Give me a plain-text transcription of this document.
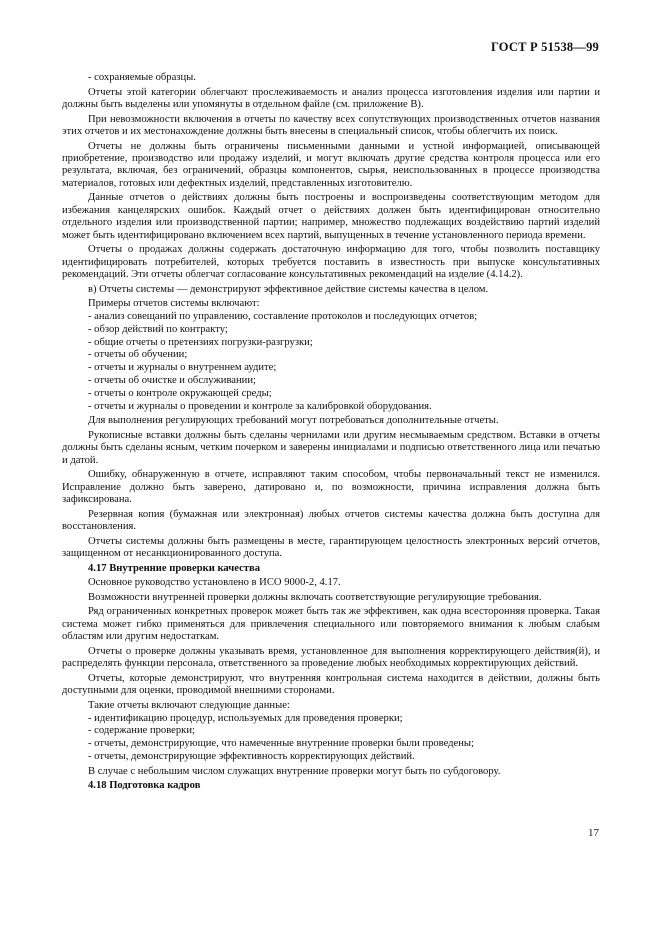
ГОСТ Р 51538—99

- сохраняемые образцы.

Отчеты этой категории облегчают прослеживаемость и анализ процесса изготовления изделия или партии и должны быть выделены или упомянуты в отдельном файле (см. приложение В).

При невозможности включения в отчеты по качеству всех сопутствующих производственных отчетов названия этих отчетов и их местонахождение должны быть внесены в специальный список, чтобы облегчить их поиск.

Отчеты не должны быть ограничены письменными данными и устной информацией, описывающей приобретение, производство или продажу изделий, и могут включать другие средства контроля процесса или его результата, включая, без ограничений, образцы компонентов, сырья, неиспользованных в процессе производства материалов, готовых или дефектных изделий, представленных изготовителю.

Данные отчетов о действиях должны быть построены и воспроизведены соответствующим методом для избежания канцелярских ошибок. Каждый отчет о действиях должен быть идентифицирован относительно отдельного изделия или производственной партии; например, множество подлежащих воздействию партий изделий может быть идентифицировано включением всех партий, выпущенных в течение установленного периода времени.

Отчеты о продажах должны содержать достаточную информацию для того, чтобы позволить поставщику идентифицировать потребителей, которых требуется поставить в известность при выпуске консультативных рекомендаций. Эти отчеты облегчат согласование консультативных рекомендаций на изделие (4.14.2).

в) Отчеты системы — демонстрируют эффективное действие системы качества в целом.

Примеры отчетов системы включают:

- анализ совещаний по управлению, составление протоколов и последующих отчетов;

- обзор действий по контракту;

- общие отчеты о претензиях погрузки-разгрузки;

- отчеты об обучении;

- отчеты и журналы о внутреннем аудите;

- отчеты об очистке и обслуживании;

- отчеты о контроле окружающей среды;

- отчеты и журналы о проведении и контроле за калибровкой оборудования.

Для выполнения регулирующих требований могут потребоваться дополнительные отчеты.

Рукописные вставки должны быть сделаны чернилами или другим несмываемым средством. Вставки в отчеты должны быть сделаны ясным, четким почерком и заверены инициалами и подписью ответственного лица или печатью и датой.

Ошибку, обнаруженную в отчете, исправляют таким способом, чтобы первоначальный текст не изменился. Исправление должно быть заверено, датировано и, по возможности, причина исправления должна быть зафиксирована.

Резервная копия (бумажная или электронная) любых отчетов системы качества должна быть доступна для восстановления.

Отчеты системы должны быть размещены в месте, гарантирующем целостность электронных версий отчетов, защищенном от несанкционированного доступа.

4.17 Внутренние проверки качества

Основное руководство установлено в ИСО 9000-2, 4.17.

Возможности внутренней проверки должны включать соответствующие регулирующие требования.

Ряд ограниченных конкретных проверок может быть так же эффективен, как одна всесторонняя проверка. Такая система может гибко применяться для привлечения специального или повторяемого внимания к любым слабым областям или другим недостаткам.

Отчеты о проверке должны указывать время, установленное для выполнения корректирующего действия(й), и распределять функции персонала, ответственного за проведение любых необходимых корректирующих действий.

Отчеты, которые демонстрируют, что внутренняя контрольная система находится в действии, должны быть доступными для оценки, проводимой внешними сторонами.

Такие отчеты включают следующие данные:

- идентификацию процедур, используемых для проведения проверки;

- содержание проверки;

- отчеты, демонстрирующие, что намеченные внутренние проверки были проведены;

- отчеты, демонстрирующие эффективность корректирующих действий.

В случае с небольшим числом служащих внутренние проверки могут быть по субдоговору.

4.18 Подготовка кадров

17
